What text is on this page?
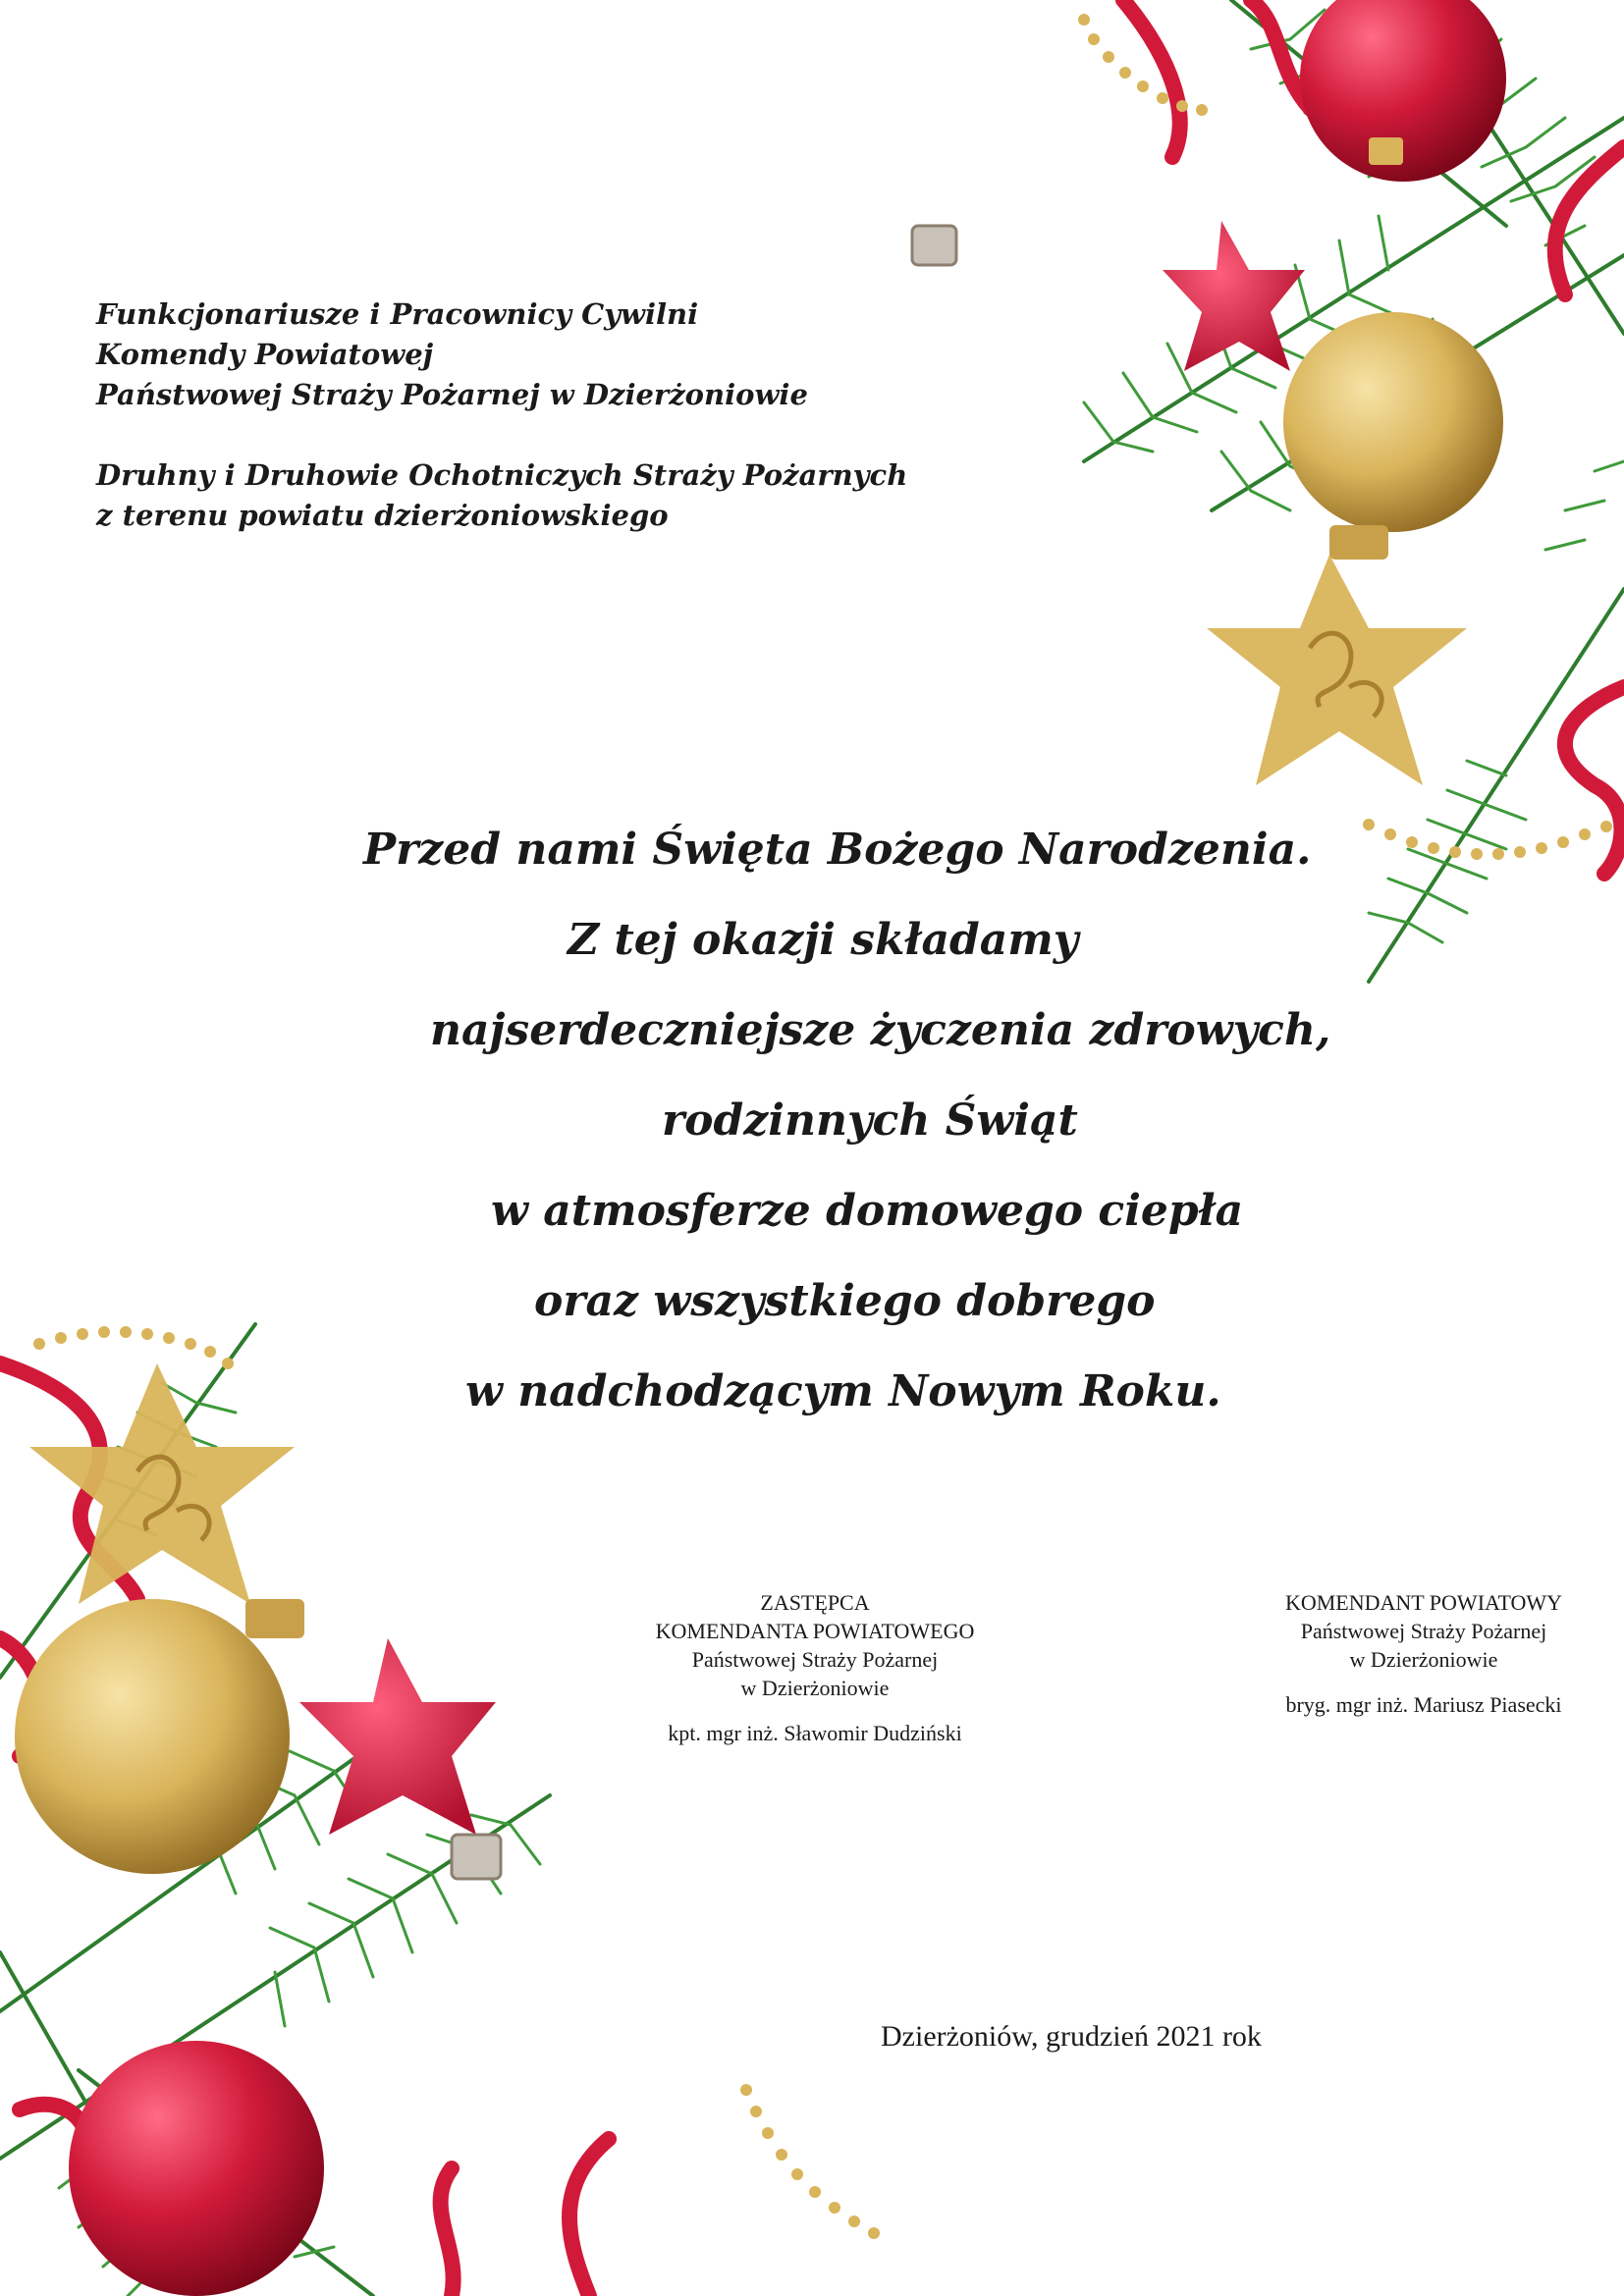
Funkcjonariusze i Pracownicy Cywilni
Komendy Powiatowej
Państwowej Straży Pożarnej w Dzierżoniowie
Druhny i Druhowie Ochotniczych Straży Pożarnych
z terenu powiatu dzierżoniowskiego
Przed nami Święta Bożego Narodzenia.
Z tej okazji składamy
najserdeczniejsze życzenia zdrowych,
rodzinnych Świąt
w atmosferze domowego ciepła
oraz wszystkiego dobrego
w nadchodzącym Nowym Roku.
ZASTĘPCA
KOMENDANTA POWIATOWEGO
Państwowej Straży Pożarnej
w Dzierżoniowie
kpt. mgr inż. Sławomir Dudziński
KOMENDANT POWIATOWY
Państwowej Straży Pożarnej
w Dzierżoniowie
bryg. mgr inż. Mariusz Piasecki
Dzierżoniów, grudzień 2021 rok
